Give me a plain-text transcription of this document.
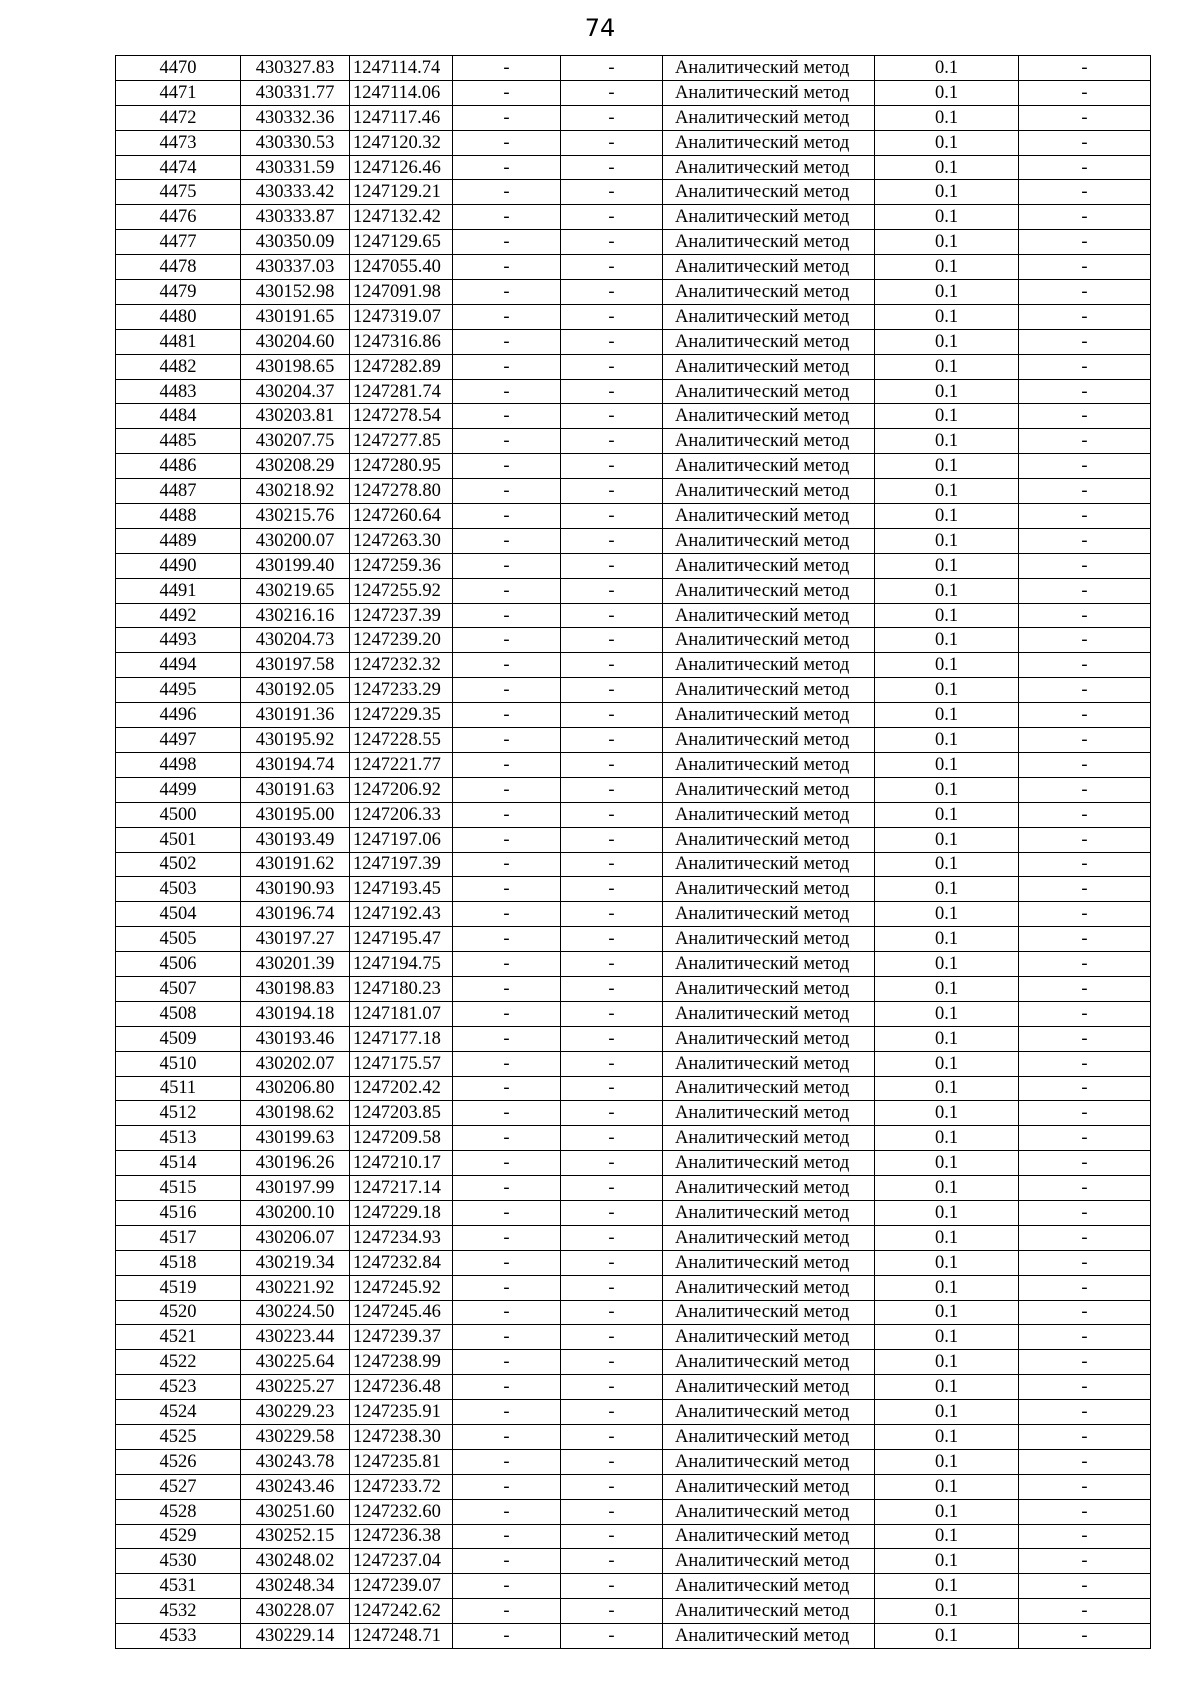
74
4470	430327.83	1247114.74	-	-	Аналитический метод	0.1	-
4471	430331.77	1247114.06	-	-	Аналитический метод	0.1	-
4472	430332.36	1247117.46	-	-	Аналитический метод	0.1	-
4473	430330.53	1247120.32	-	-	Аналитический метод	0.1	-
4474	430331.59	1247126.46	-	-	Аналитический метод	0.1	-
4475	430333.42	1247129.21	-	-	Аналитический метод	0.1	-
4476	430333.87	1247132.42	-	-	Аналитический метод	0.1	-
4477	430350.09	1247129.65	-	-	Аналитический метод	0.1	-
4478	430337.03	1247055.40	-	-	Аналитический метод	0.1	-
4479	430152.98	1247091.98	-	-	Аналитический метод	0.1	-
4480	430191.65	1247319.07	-	-	Аналитический метод	0.1	-
4481	430204.60	1247316.86	-	-	Аналитический метод	0.1	-
4482	430198.65	1247282.89	-	-	Аналитический метод	0.1	-
4483	430204.37	1247281.74	-	-	Аналитический метод	0.1	-
4484	430203.81	1247278.54	-	-	Аналитический метод	0.1	-
4485	430207.75	1247277.85	-	-	Аналитический метод	0.1	-
4486	430208.29	1247280.95	-	-	Аналитический метод	0.1	-
4487	430218.92	1247278.80	-	-	Аналитический метод	0.1	-
4488	430215.76	1247260.64	-	-	Аналитический метод	0.1	-
4489	430200.07	1247263.30	-	-	Аналитический метод	0.1	-
4490	430199.40	1247259.36	-	-	Аналитический метод	0.1	-
4491	430219.65	1247255.92	-	-	Аналитический метод	0.1	-
4492	430216.16	1247237.39	-	-	Аналитический метод	0.1	-
4493	430204.73	1247239.20	-	-	Аналитический метод	0.1	-
4494	430197.58	1247232.32	-	-	Аналитический метод	0.1	-
4495	430192.05	1247233.29	-	-	Аналитический метод	0.1	-
4496	430191.36	1247229.35	-	-	Аналитический метод	0.1	-
4497	430195.92	1247228.55	-	-	Аналитический метод	0.1	-
4498	430194.74	1247221.77	-	-	Аналитический метод	0.1	-
4499	430191.63	1247206.92	-	-	Аналитический метод	0.1	-
4500	430195.00	1247206.33	-	-	Аналитический метод	0.1	-
4501	430193.49	1247197.06	-	-	Аналитический метод	0.1	-
4502	430191.62	1247197.39	-	-	Аналитический метод	0.1	-
4503	430190.93	1247193.45	-	-	Аналитический метод	0.1	-
4504	430196.74	1247192.43	-	-	Аналитический метод	0.1	-
4505	430197.27	1247195.47	-	-	Аналитический метод	0.1	-
4506	430201.39	1247194.75	-	-	Аналитический метод	0.1	-
4507	430198.83	1247180.23	-	-	Аналитический метод	0.1	-
4508	430194.18	1247181.07	-	-	Аналитический метод	0.1	-
4509	430193.46	1247177.18	-	-	Аналитический метод	0.1	-
4510	430202.07	1247175.57	-	-	Аналитический метод	0.1	-
4511	430206.80	1247202.42	-	-	Аналитический метод	0.1	-
4512	430198.62	1247203.85	-	-	Аналитический метод	0.1	-
4513	430199.63	1247209.58	-	-	Аналитический метод	0.1	-
4514	430196.26	1247210.17	-	-	Аналитический метод	0.1	-
4515	430197.99	1247217.14	-	-	Аналитический метод	0.1	-
4516	430200.10	1247229.18	-	-	Аналитический метод	0.1	-
4517	430206.07	1247234.93	-	-	Аналитический метод	0.1	-
4518	430219.34	1247232.84	-	-	Аналитический метод	0.1	-
4519	430221.92	1247245.92	-	-	Аналитический метод	0.1	-
4520	430224.50	1247245.46	-	-	Аналитический метод	0.1	-
4521	430223.44	1247239.37	-	-	Аналитический метод	0.1	-
4522	430225.64	1247238.99	-	-	Аналитический метод	0.1	-
4523	430225.27	1247236.48	-	-	Аналитический метод	0.1	-
4524	430229.23	1247235.91	-	-	Аналитический метод	0.1	-
4525	430229.58	1247238.30	-	-	Аналитический метод	0.1	-
4526	430243.78	1247235.81	-	-	Аналитический метод	0.1	-
4527	430243.46	1247233.72	-	-	Аналитический метод	0.1	-
4528	430251.60	1247232.60	-	-	Аналитический метод	0.1	-
4529	430252.15	1247236.38	-	-	Аналитический метод	0.1	-
4530	430248.02	1247237.04	-	-	Аналитический метод	0.1	-
4531	430248.34	1247239.07	-	-	Аналитический метод	0.1	-
4532	430228.07	1247242.62	-	-	Аналитический метод	0.1	-
4533	430229.14	1247248.71	-	-	Аналитический метод	0.1	-
